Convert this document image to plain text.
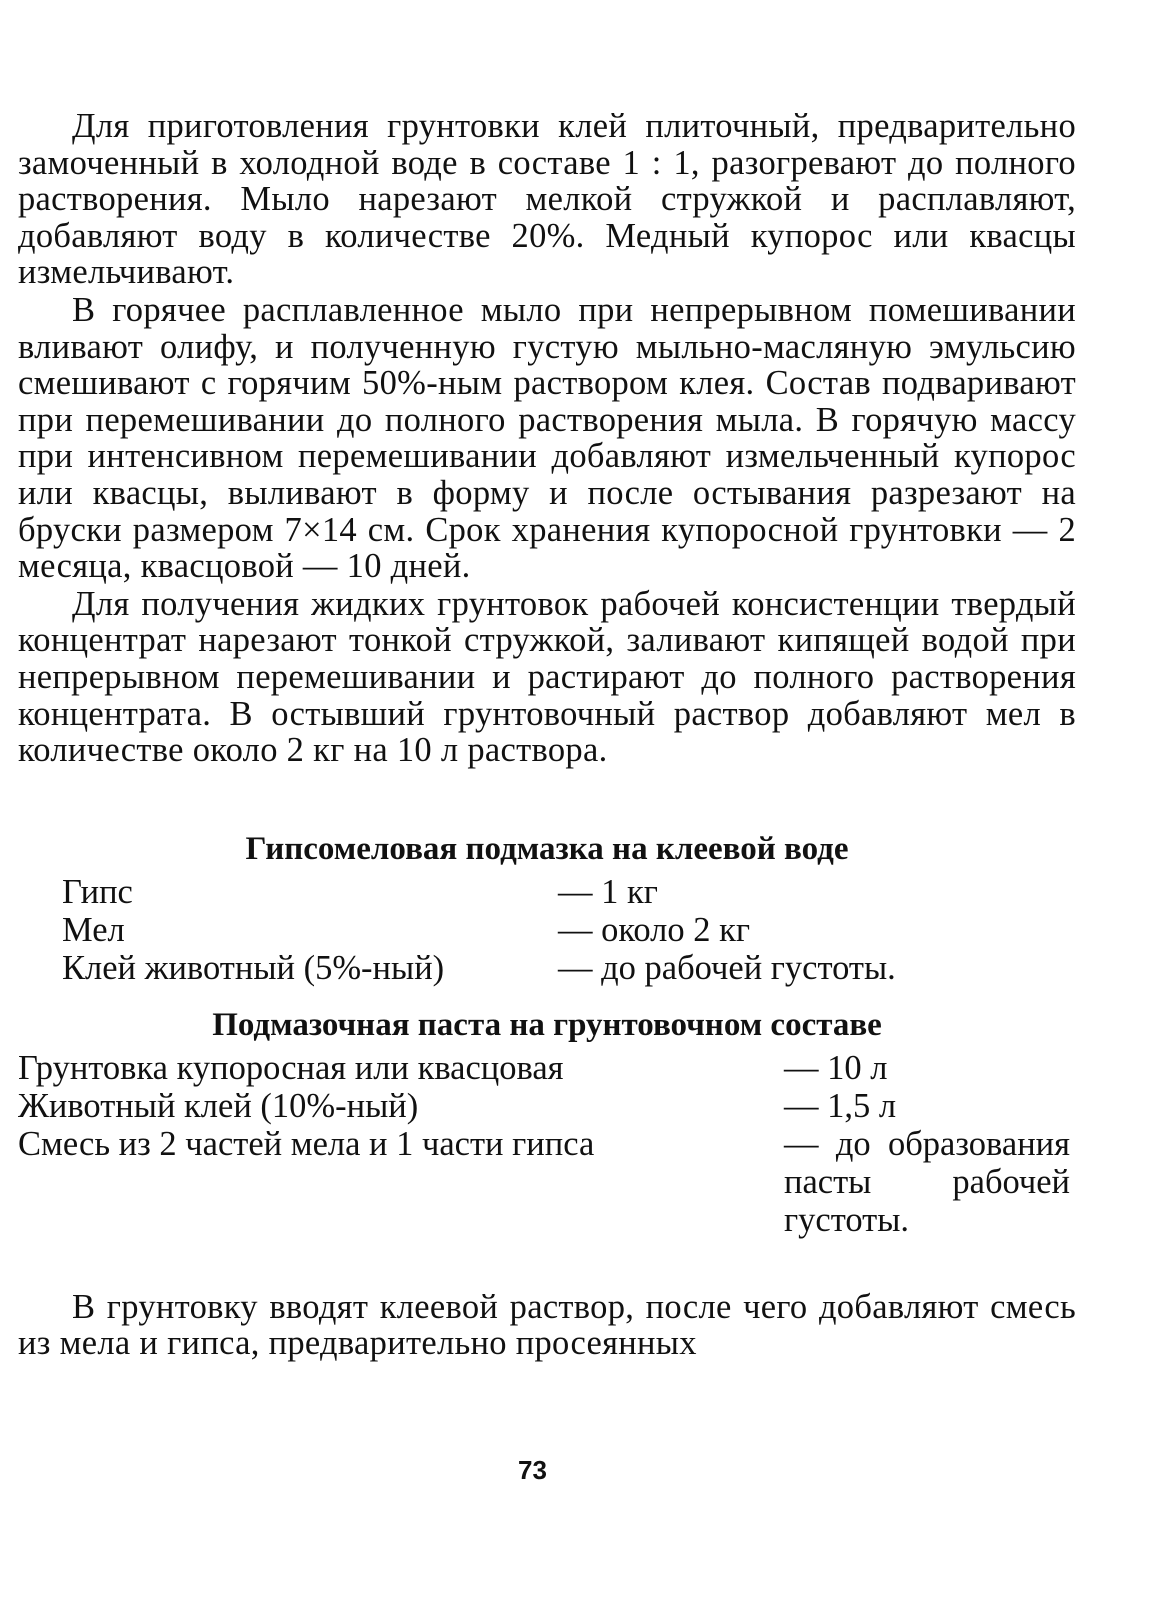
Для приготовления грунтовки клей плиточный, предварительно замоченный в холодной воде в составе 1 : 1, разогревают до полного растворения. Мыло нарезают мелкой стружкой и расплавляют, добавляют воду в количестве 20%. Медный купорос или квасцы измельчивают.

В горячее расплавленное мыло при непрерывном помешивании вливают олифу, и полученную густую мыльно-масляную эмульсию смешивают с горячим 50%-ным раствором клея. Состав подваривают при перемешивании до полного растворения мыла. В горячую массу при интенсивном перемешивании добавляют измельченный купорос или квасцы, выливают в форму и после остывания разрезают на бруски размером 7×14 см. Срок хранения купоросной грунтовки — 2 месяца, квасцовой — 10 дней.

Для получения жидких грунтовок рабочей консистенции твердый концентрат нарезают тонкой стружкой, заливают кипящей водой при непрерывном перемешивании и растирают до полного растворения концентрата. В остывший грунтовочный раствор добавляют мел в количестве около 2 кг на 10 л раствора.

Гипсомеловая подмазка на клеевой воде
Гипс	— 1 кг
Мел	— около 2 кг
Клей животный (5%-ный)	— до рабочей густоты.
Подмазочная паста на грунтовочном составе
Грунтовка купоросная или квасцовая	— 10 л
Животный клей (10%-ный)	— 1,5 л
Смесь из 2 частей мела и 1 части гипса	— до образования пасты рабочей густоты.

В грунтовку вводят клеевой раствор, после чего добавляют смесь из мела и гипса, предварительно просеянных

73
